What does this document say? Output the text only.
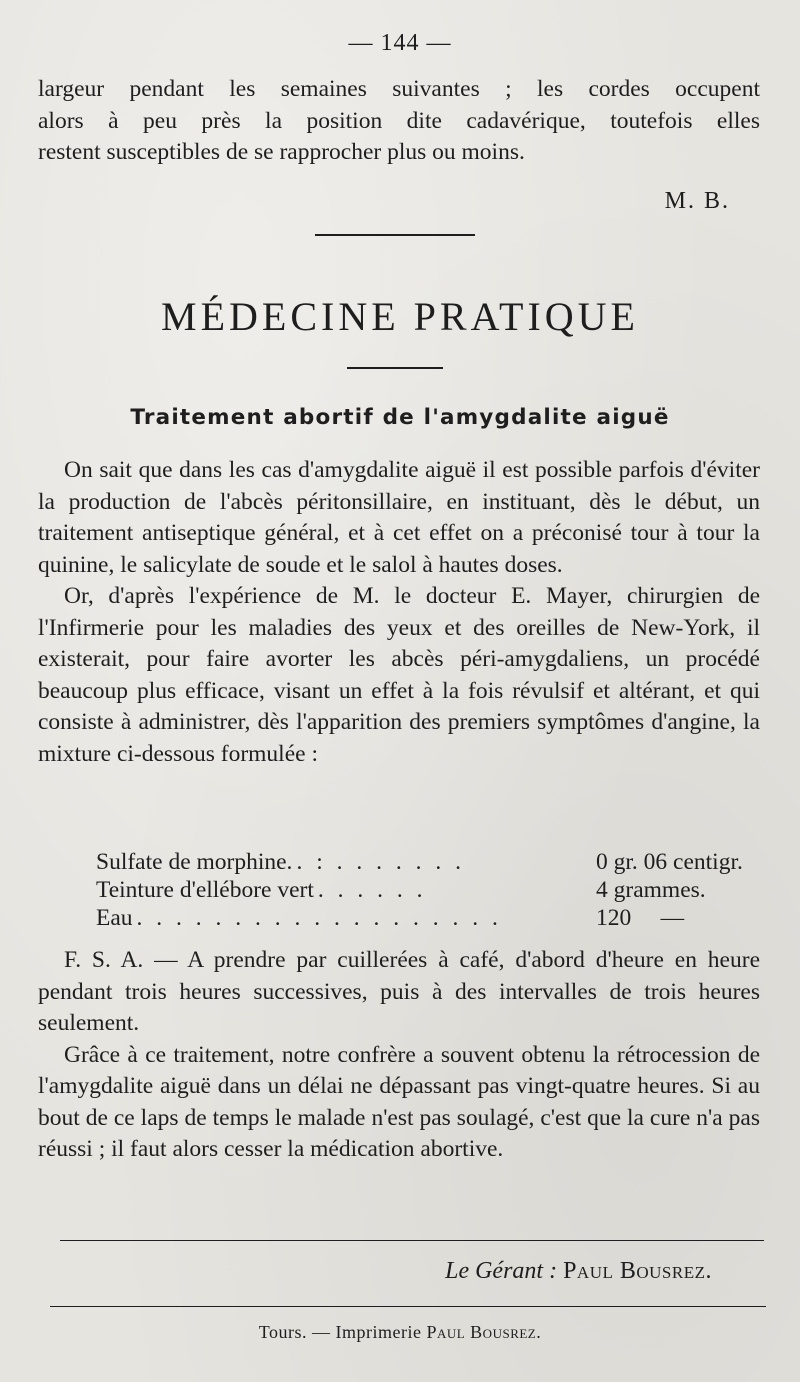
— 144 —

largeur pendant les semaines suivantes ; les cordes occupent

alors à peu près la position dite cadavérique, toutefois elles

restent susceptibles de se rapprocher plus ou moins.

M. B.
MÉDECINE PRATIQUE
Traitement abortif de l'amygdalite aiguë

On sait que dans les cas d'amygdalite aiguë il est possible parfois d'éviter la production de l'abcès péritonsillaire, en instituant, dès le début, un traitement antiseptique général, et à cet effet on a préconisé tour à tour la quinine, le salicylate de soude et le salol à hautes doses.

Or, d'après l'expérience de M. le docteur E. Mayer, chirurgien de l'Infirmerie pour les maladies des yeux et des oreilles de New-York, il existerait, pour faire avorter les abcès péri-amygdaliens, un procédé beaucoup plus efficace, visant un effet à la fois révulsif et altérant, et qui consiste à administrer, dès l'apparition des premiers symptômes d'angine, la mixture ci-dessous formulée :

Sulfate de morphine. . : . . . . . . .	0 gr. 06 centigr.
Teinture d'ellébore vert . . . . . .	4 grammes.
Eau . . . . . . . . . . . . . . . . . . .	120     —

F. S. A. — A prendre par cuillerées à café, d'abord d'heure en heure pendant trois heures successives, puis à des intervalles de trois heures seulement.

Grâce à ce traitement, notre confrère a souvent obtenu la rétrocession de l'amygdalite aiguë dans un délai ne dépassant pas vingt-quatre heures. Si au bout de ce laps de temps le malade n'est pas soulagé, c'est que la cure n'a pas réussi ; il faut alors cesser la médication abortive.

Le Gérant : Paul Bousrez.
Tours. — Imprimerie Paul Bousrez.
